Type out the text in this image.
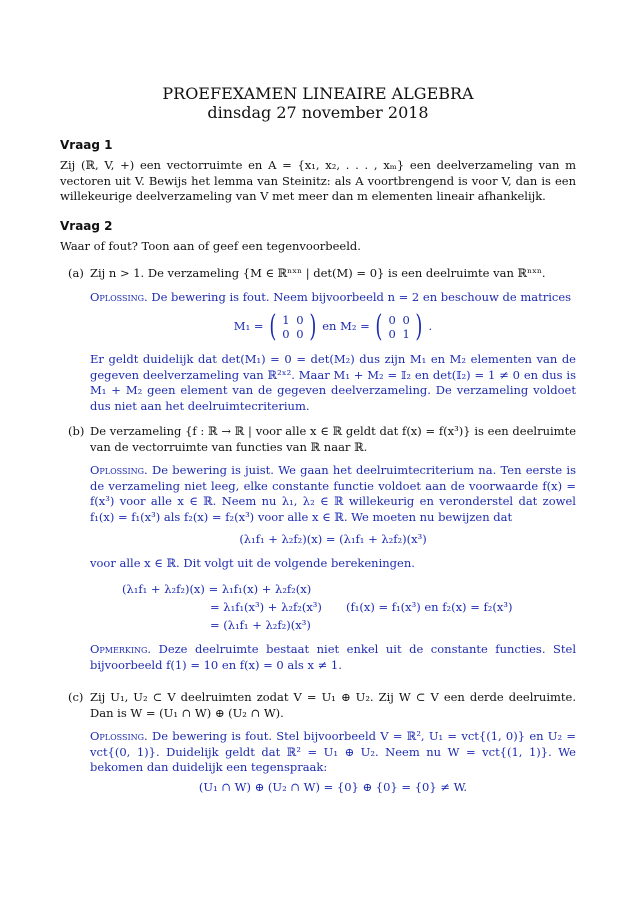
PROEFEXAMEN LINEAIRE ALGEBRA
dinsdag 27 november 2018
Vraag 1
Zij (ℝ, V, +) een vectorruimte en A = {x₁, x₂, . . . , xₘ} een deelverzameling van m vectoren uit V. Bewijs het lemma van Steinitz: als A voortbrengend is voor V, dan is een willekeurige deelverzameling van V met meer dan m elementen lineair afhankelijk.
Vraag 2
Waar of fout? Toon aan of geef een tegenvoorbeeld.
(a) Zij n > 1. De verzameling {M ∈ ℝⁿˣⁿ | det(M) = 0} is een deelruimte van ℝⁿˣⁿ.
Oplossing. De bewering is fout. Neem bijvoorbeeld n = 2 en beschouw de matrices
M₁ = ( 1 0
0 0 ) en M₂ = ( 0 0
0 1 ) .
Er geldt duidelijk dat det(M₁) = 0 = det(M₂) dus zijn M₁ en M₂ elementen van de gegeven deelverzameling van ℝ²ˣ². Maar M₁ + M₂ = 𝕀₂ en det(𝕀₂) = 1 ≠ 0 en dus is M₁ + M₂ geen element van de gegeven deelverzameling. De verzameling voldoet dus niet aan het deelruimtecriterium.
(b) De verzameling {f : ℝ → ℝ | voor alle x ∈ ℝ geldt dat f(x) = f(x³)} is een deelruimte van de vectorruimte van functies van ℝ naar ℝ.
Oplossing. De bewering is juist. We gaan het deelruimtecriterium na. Ten eerste is de verzameling niet leeg, elke constante functie voldoet aan de voorwaarde f(x) = f(x³) voor alle x ∈ ℝ. Neem nu λ₁, λ₂ ∈ ℝ willekeurig en veronderstel dat zowel f₁(x) = f₁(x³) als f₂(x) = f₂(x³) voor alle x ∈ ℝ. We moeten nu bewijzen dat
(λ₁f₁ + λ₂f₂)(x) = (λ₁f₁ + λ₂f₂)(x³)
voor alle x ∈ ℝ. Dit volgt uit de volgende berekeningen.
(λ₁f₁ + λ₂f₂)(x) = λ₁f₁(x) + λ₂f₂(x)
= λ₁f₁(x³) + λ₂f₂(x³) (f₁(x) = f₁(x³) en f₂(x) = f₂(x³)
= (λ₁f₁ + λ₂f₂)(x³)
Opmerking. Deze deelruimte bestaat niet enkel uit de constante functies. Stel bijvoorbeeld f(1) = 10 en f(x) = 0 als x ≠ 1.
(c) Zij U₁, U₂ ⊂ V deelruimten zodat V = U₁ ⊕ U₂. Zij W ⊂ V een derde deelruimte. Dan is W = (U₁ ∩ W) ⊕ (U₂ ∩ W).
Oplossing. De bewering is fout. Stel bijvoorbeeld V = ℝ², U₁ = vct{(1, 0)} en U₂ = vct{(0, 1)}. Duidelijk geldt dat ℝ² = U₁ ⊕ U₂. Neem nu W = vct{(1, 1)}. We bekomen dan duidelijk een tegenspraak:
(U₁ ∩ W) ⊕ (U₂ ∩ W) = {0} ⊕ {0} = {0} ≠ W.
